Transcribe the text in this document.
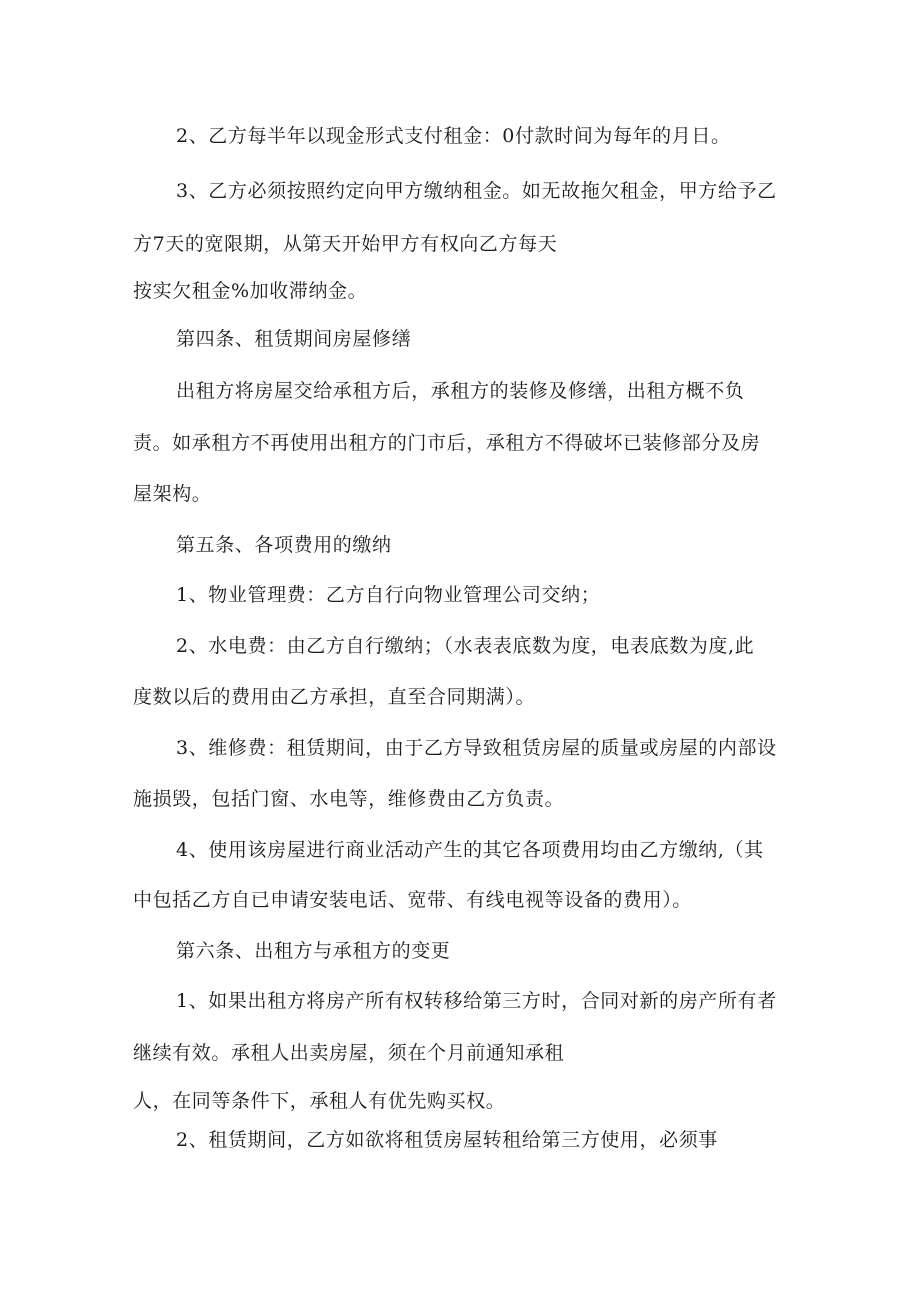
2、乙方每半年以现金形式支付租金：0付款时间为每年的月日。
3、乙方必须按照约定向甲方缴纳租金。如无故拖欠租金，甲方给予乙
方7天的宽限期，从第天开始甲方有权向乙方每天
按实欠租金%加收滞纳金。
第四条、租赁期间房屋修缮
出租方将房屋交给承租方后，承租方的装修及修缮，出租方概不负
责。如承租方不再使用出租方的门市后，承租方不得破坏已装修部分及房
屋架构。
第五条、各项费用的缴纳
1、物业管理费：乙方自行向物业管理公司交纳；
2、水电费：由乙方自行缴纳；（水表表底数为度，电表底数为度,此
度数以后的费用由乙方承担，直至合同期满）。
3、维修费：租赁期间，由于乙方导致租赁房屋的质量或房屋的内部设
施损毁，包括门窗、水电等，维修费由乙方负责。
4、使用该房屋进行商业活动产生的其它各项费用均由乙方缴纳,（其
中包括乙方自已申请安装电话、宽带、有线电视等设备的费用）。
第六条、出租方与承租方的变更
1、如果出租方将房产所有权转移给第三方时，合同对新的房产所有者
继续有效。承租人出卖房屋，须在个月前通知承租
人，在同等条件下，承租人有优先购买权。
2、租赁期间，乙方如欲将租赁房屋转租给第三方使用，必须事
